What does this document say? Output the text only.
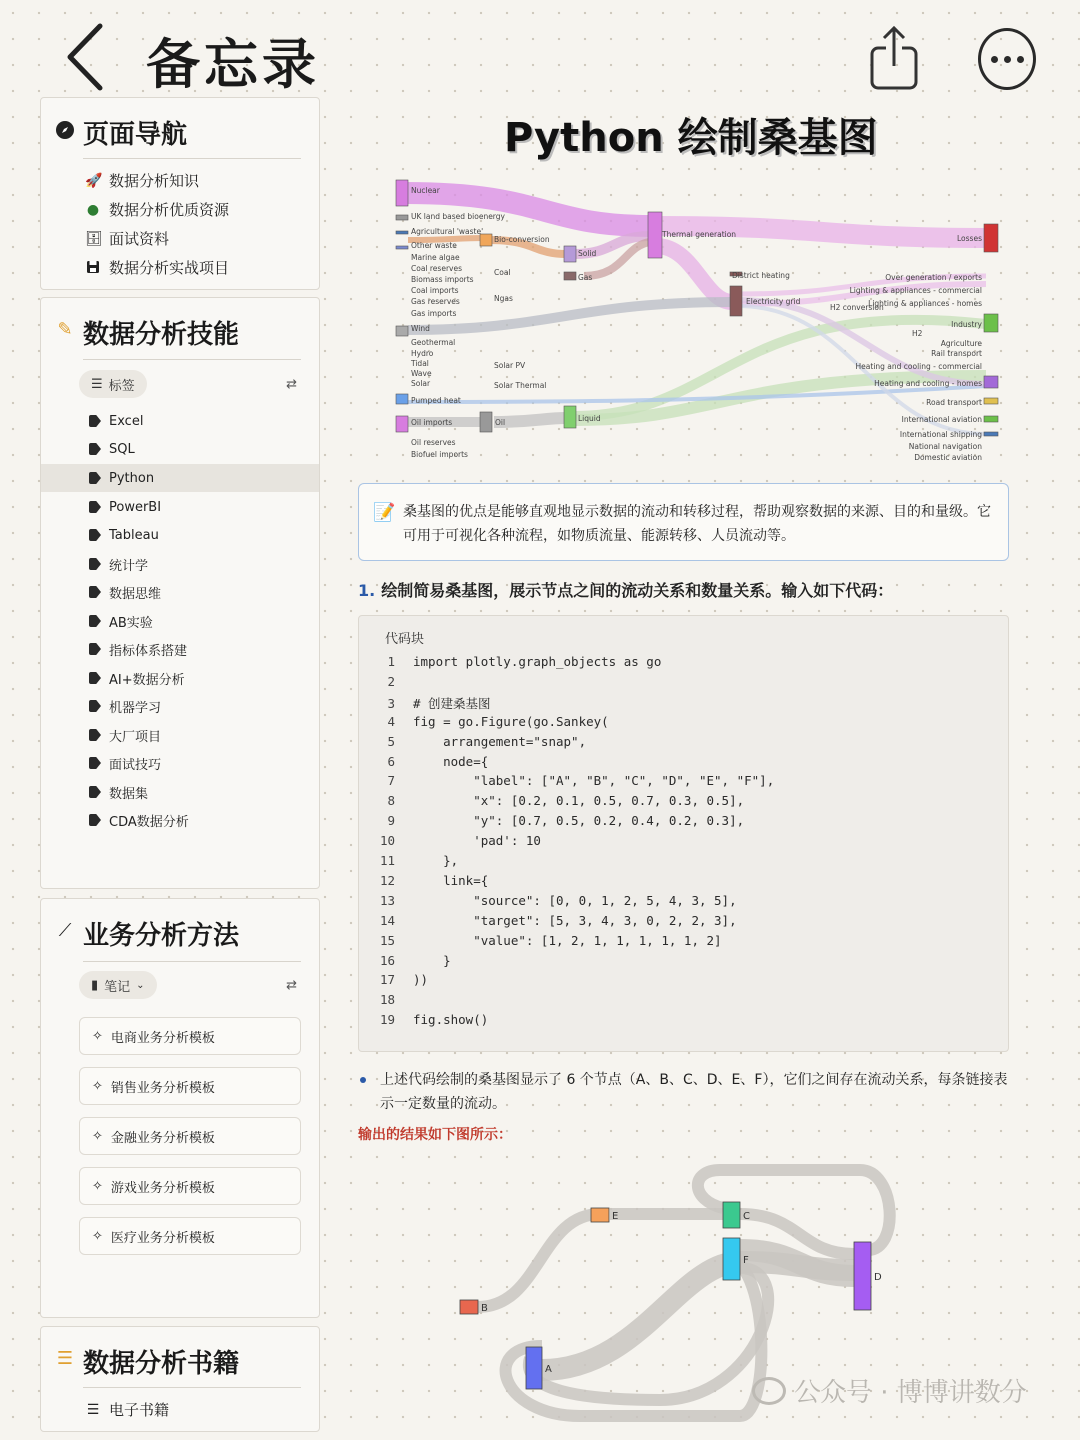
备忘录
页面导航
🚀 数据分析知识
● 数据分析优质资源
🗄 面试资料
数据分析实战项目
✎ 数据分析技能
☰ 标签	⇄
Excel
SQL
Python
PowerBI
Tableau
统计学
数据思维
AB实验
指标体系搭建
AI+数据分析
机器学习
大厂项目
面试技巧
数据集
CDA数据分析
⟋ 业务分析方法
▮ 笔记 ⌄	⇄
✧ 电商业务分析模板
✧ 销售业务分析模板
✧ 金融业务分析模板
✧ 游戏业务分析模板
✧ 医疗业务分析模板
☰ 数据分析书籍
☰ 电子书籍
Python 绘制桑基图
Nuclear
UK land based bioenergy
Agricultural 'waste'
Other waste
Marine algae
Coal reserves
Biomass imports
Coal imports
Gas reserves
Gas imports
Wind
Geothermal
Hydro
Tidal
Wave
Solar
Pumped heat
Oil imports
Oil reserves
Biofuel imports
Bio-conversion
Solid
Coal
Gas
Ngas
Solar PV
Solar Thermal
Oil	Liquid
Thermal generation
District heating
Electricity grid
H2 conversion
H2
Losses
Over generation / exports
Lighting & appliances - commercial
Lighting & appliances - homes
Industry
Agriculture
Rail transport
Heating and cooling - commercial
Heating and cooling - homes
Road transport
International aviation
International shipping
National navigation
Domestic aviation
📝 桑基图的优点是能够直观地显示数据的流动和转移过程，帮助观察数据的来源、目的和量级。它可用于可视化各种流程，如物质流量、能源转移、人员流动等。
1. 绘制简易桑基图，展示节点之间的流动关系和数量关系。输入如下代码：
代码块
1 import plotly.graph_objects as go
2
3 # 创建桑基图
4 fig = go.Figure(go.Sankey(
5    arrangement="snap",
6    node={
7        "label": ["A", "B", "C", "D", "E", "F"],
8        "x": [0.2, 0.1, 0.5, 0.7, 0.3, 0.5],
9        "y": [0.7, 0.5, 0.2, 0.4, 0.2, 0.3],
10        'pad': 10
11    },
12    link={
13        "source": [0, 0, 1, 2, 5, 4, 3, 5],
14        "target": [5, 3, 4, 3, 0, 2, 2, 3],
15        "value": [1, 2, 1, 1, 1, 1, 1, 2]
16    }
17 ))
18
19 fig.show()
上述代码绘制的桑基图显示了 6 个节点（A、B、C、D、E、F），它们之间存在流动关系，每条链接表示一定数量的流动。
输出的结果如下图所示：
A
B
C
D
E
F
公众号 · 博博讲数分
